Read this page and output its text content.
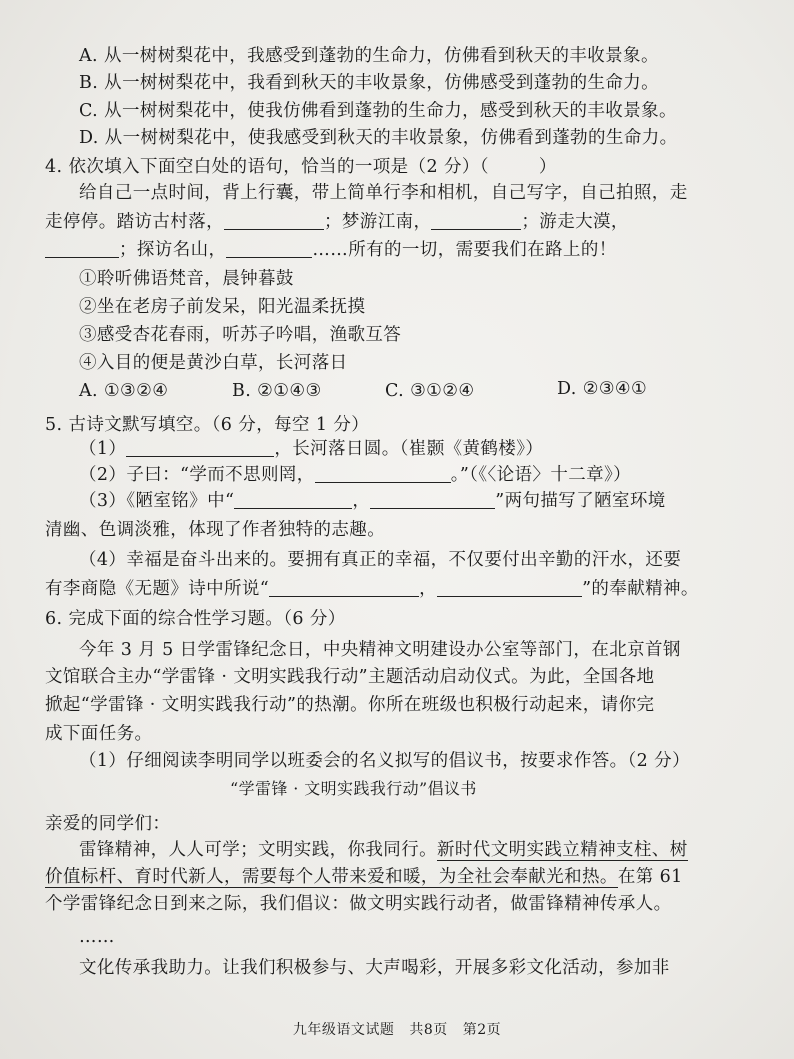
A. 从一树树梨花中，我感受到蓬勃的生命力，仿佛看到秋天的丰收景象。
B. 从一树树梨花中，我看到秋天的丰收景象，仿佛感受到蓬勃的生命力。
C. 从一树树梨花中，使我仿佛看到蓬勃的生命力，感受到秋天的丰收景象。
D. 从一树树梨花中，使我感受到秋天的丰收景象，仿佛看到蓬勃的生命力。
4. 依次填入下面空白处的语句，恰当的一项是（2 分）（	）
给自己一点时间，背上行囊，带上简单行李和相机，自己写字，自己拍照，走
走停停。踏访古村落，	；梦游江南，	；游走大漠，
；探访名山，	……所有的一切，需要我们在路上的！
①聆听佛语梵音，晨钟暮鼓
②坐在老房子前发呆，阳光温柔抚摸
③感受杏花春雨，听苏子吟唱，渔歌互答
④入目的便是黄沙白草，长河落日
A. ①③②④	B. ②①④③	C. ③①②④	D. ②③④①
5. 古诗文默写填空。（6 分，每空 1 分）
（1）	，长河落日圆。（崔颢《黄鹤楼》）
（2）子曰：“学而不思则罔，	。”（《〈论语〉十二章》）
（3）《陋室铭》中“	，	”两句描写了陋室环境
清幽、色调淡雅，体现了作者独特的志趣。
（4）幸福是奋斗出来的。要拥有真正的幸福，不仅要付出辛勤的汗水，还要
有李商隐《无题》诗中所说“	，	”的奉献精神。
6. 完成下面的综合性学习题。（6 分）
今年 3 月 5 日学雷锋纪念日，中央精神文明建设办公室等部门，在北京首钢
文馆联合主办“学雷锋 · 文明实践我行动”主题活动启动仪式。为此，全国各地
掀起“学雷锋 · 文明实践我行动”的热潮。你所在班级也积极行动起来，请你完
成下面任务。
（1）仔细阅读李明同学以班委会的名义拟写的倡议书，按要求作答。（2 分）
“学雷锋 · 文明实践我行动”倡议书
亲爱的同学们：
雷锋精神，人人可学；文明实践，你我同行。新时代文明实践立精神支柱、树
价值标杆、育时代新人，需要每个人带来爱和暖，为全社会奉献光和热。在第 61
个学雷锋纪念日到来之际，我们倡议：做文明实践行动者，做雷锋精神传承人。
……
文化传承我助力。让我们积极参与、大声喝彩，开展多彩文化活动，参加非
九年级语文试题 共8页 第2页
